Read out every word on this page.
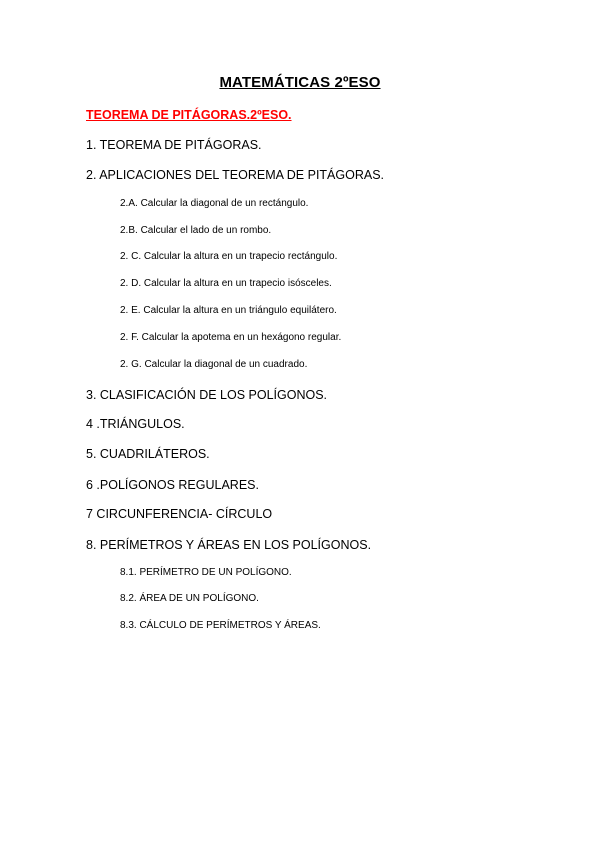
MATEMÁTICAS 2ºESO
TEOREMA DE PITÁGORAS.2ºESO.
1. TEOREMA DE PITÁGORAS.
2. APLICACIONES DEL TEOREMA DE PITÁGORAS.
2.A. Calcular la diagonal de un rectángulo.
2.B. Calcular el lado de un rombo.
2. C. Calcular la altura en un trapecio rectángulo.
2. D. Calcular la altura en un trapecio isósceles.
2. E. Calcular la altura en un triángulo equilátero.
2. F. Calcular la apotema en un hexágono regular.
2. G. Calcular la diagonal de un cuadrado.
3. CLASIFICACIÓN DE LOS POLÍGONOS.
4 .TRIÁNGULOS.
5. CUADRILÁTEROS.
6 .POLÍGONOS REGULARES.
7 CIRCUNFERENCIA- CÍRCULO
8. PERÍMETROS Y ÁREAS EN LOS POLÍGONOS.
8.1. PERÍMETRO DE UN POLÍGONO.
8.2. ÁREA DE UN POLÍGONO.
8.3. CÁLCULO DE PERÍMETROS Y ÁREAS.
